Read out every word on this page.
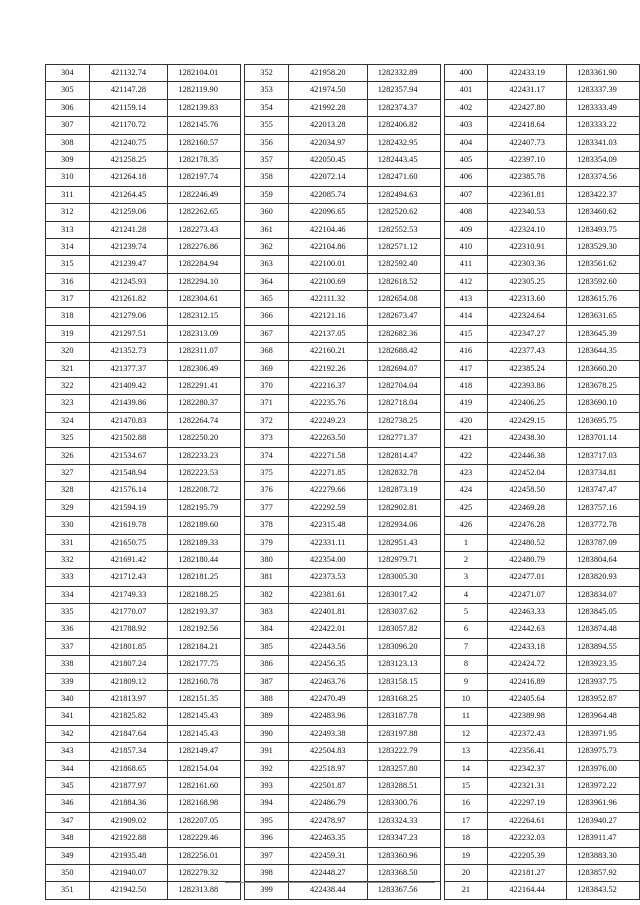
304	421132.74	1282104.01
305	421147.28	1282119.90
306	421159.14	1282139.83
307	421170.72	1282145.76
308	421240.75	1282160.57
309	421258.25	1282178.35
310	421264.18	1282197.74
311	421264.45	1282246.49
312	421259.06	1282262.65
313	421241.28	1282273.43
314	421239.74	1282276.86
315	421239.47	1282284.94
316	421245.93	1282294.10
317	421261.82	1282304.61
318	421279.06	1282312.15
319	421297.51	1282313.09
320	421352.73	1282311.07
321	421377.37	1282306.49
322	421409.42	1282291.41
323	421439.86	1282280.37
324	421470.83	1282264.74
325	421502.88	1282250.20
326	421534.67	1282233.23
327	421548.94	1282223.53
328	421576.14	1282208.72
329	421594.19	1282195.79
330	421619.78	1282189.60
331	421650.75	1282189.33
332	421691.42	1282180.44
333	421712.43	1282181.25
334	421749.33	1282188.25
335	421770.07	1282193.37
336	421788.92	1282192.56
337	421801.85	1282184.21
338	421807.24	1282177.75
339	421809.12	1282160.78
340	421813.97	1282151.35
341	421825.82	1282145.43
342	421847.64	1282145.43
343	421857.34	1282149.47
344	421868.65	1282154.04
345	421877.97	1282161.60
346	421884.36	1282168.98
347	421909.02	1282207.05
348	421922.88	1282229.46
349	421935.48	1282256.01
350	421940.07	1282279.32
351	421942.50	1282313.88
352	421958.20	1282332.89
353	421974.50	1282357.94
354	421992.28	1282374.37
355	422013.28	1282406.82
356	422034.97	1282432.95
357	422050.45	1282443.45
358	422072.14	1282471.60
359	422085.74	1282494.63
360	422096.65	1282520.62
361	422104.46	1282552.53
362	422104.86	1282571.12
363	422100.01	1282592.40
364	422100.69	1282618.52
365	422111.32	1282654.08
366	422121.16	1282673.47
367	422137.05	1282682.36
368	422160.21	1282688.42
369	422192.26	1282694.07
370	422216.37	1282704.04
371	422235.76	1282718.04
372	422249.23	1282738.25
373	422263.50	1282771.37
374	422271.58	1282814.47
375	422271.85	1282832.78
376	422279.66	1282873.19
377	422292.59	1282902.81
378	422315.48	1282934.06
379	422331.11	1282951.43
380	422354.00	1282979.71
381	422373.53	1283005.30
382	422381.61	1283017.42
383	422401.81	1283037.62
384	422422.01	1283057.82
385	422443.56	1283096.20
386	422456.35	1283123.13
387	422463.76	1283158.15
388	422470.49	1283168.25
389	422483.96	1283187.78
390	422493.38	1283197.88
391	422504.83	1283222.79
392	422518.97	1283257.80
393	422501.87	1283288.51
394	422486.79	1283300.76
395	422478.97	1283324.33
396	422463.35	1283347.23
397	422459.31	1283360.96
398	422448.27	1283368.50
399	422438.44	1283367.56
400	422433.19	1283361.90
401	422431.17	1283337.39
402	422427.80	1283333.49
403	422418.64	1283333.22
404	422407.73	1283341.03
405	422397.10	1283354.09
406	422385.78	1283374.56
407	422361.81	1283422.37
408	422340.53	1283460.62
409	422324.10	1283493.75
410	422310.91	1283529.30
411	422303.36	1283561.62
412	422305.25	1283592.60
413	422313.60	1283615.76
414	422324.64	1283631.65
415	422347.27	1283645.39
416	422377.43	1283644.35
417	422385.24	1283660.20
418	422393.86	1283678.25
419	422406.25	1283690.10
420	422429.15	1283695.75
421	422438.30	1283701.14
422	422446.38	1283717.03
423	422452.04	1283734.81
424	422458.50	1283747.47
425	422469.28	1283757.16
426	422476.28	1283772.78
1	422480.52	1283787.09
2	422480.79	1283804.64
3	422477.01	1283820.93
4	422471.07	1283834.07
5	422463.33	1283845.05
6	422442.63	1283874.48
7	422433.18	1283894.55
8	422424.72	1283923.35
9	422416.89	1283937.75
10	422405.64	1283952.87
11	422389.98	1283964.48
12	422372.43	1283971.95
13	422356.41	1283975.73
14	422342.37	1283976.00
15	422321.31	1283972.22
16	422297.19	1283961.96
17	422264.61	1283940.27
18	422232.03	1283911.47
19	422205.39	1283883.30
20	422181.27	1283857.92
21	422164.44	1283843.52
